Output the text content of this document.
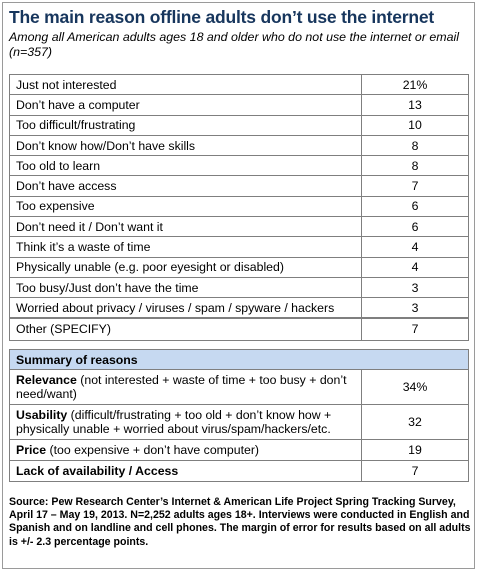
The main reason offline adults don’t use the internet
Among all American adults ages 18 and older who do not use the internet or email (n=357)
Just not interested	21%
Don’t have a computer	13
Too difficult/frustrating	10
Don’t know how/Don’t have skills	8
Too old to learn	8
Don’t have access	7
Too expensive	6
Don’t need it / Don’t want it	6
Think it’s a waste of time	4
Physically unable (e.g. poor eyesight or disabled)	4
Too busy/Just don’t have the time	3
Worried about privacy / viruses / spam / spyware / hackers	3
Other (SPECIFY)	7
Summary of reasons	
Relevance (not interested + waste of time + too busy + don’t need/want)	34%
Usability (difficult/frustrating + too old + don’t know how + physically unable + worried about virus/spam/hackers/etc.	32
Price (too expensive + don’t have computer)	19
Lack of availability / Access	7
Source: Pew Research Center’s Internet & American Life Project Spring Tracking Survey, April 17 – May 19, 2013. N=2,252 adults ages 18+. Interviews were conducted in English and Spanish and on landline and cell phones. The margin of error for results based on all adults is +/- 2.3 percentage points.
